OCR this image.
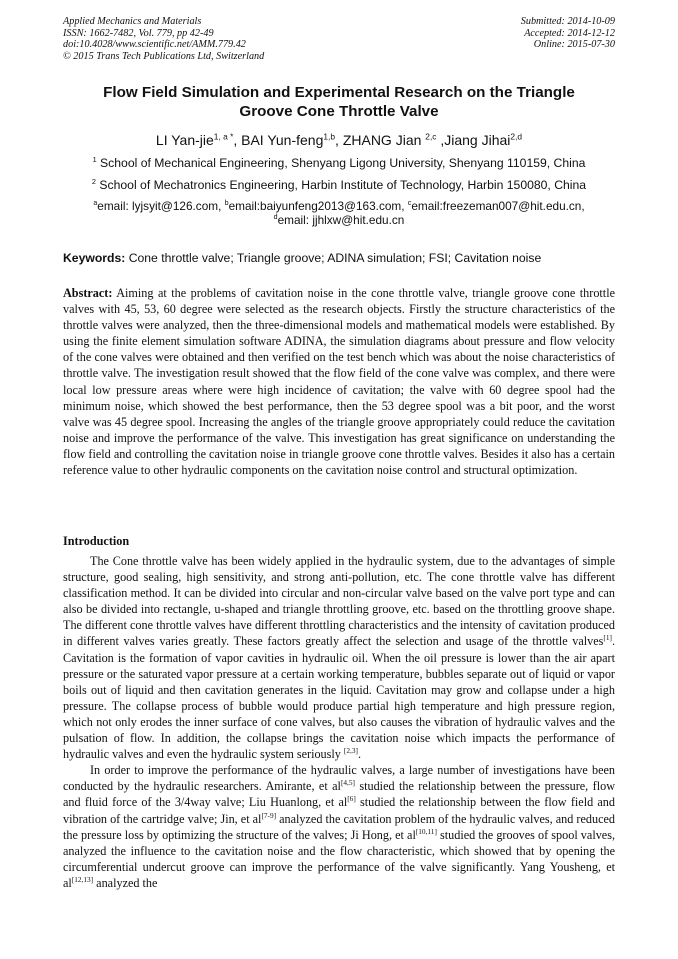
Applied Mechanics and Materials
ISSN: 1662-7482, Vol. 779, pp 42-49
doi:10.4028/www.scientific.net/AMM.779.42
© 2015 Trans Tech Publications Ltd, Switzerland
Submitted: 2014-10-09
Accepted: 2014-12-12
Online: 2015-07-30
Flow Field Simulation and Experimental Research on the Triangle
Groove Cone Throttle Valve
LI Yan-jie$^{1, a *}$, BAI Yun-feng$^{1,b}$, ZHANG Jian $^{2,c}$ ,Jiang Jihai$^{2,d}$
$^1$ School of Mechanical Engineering, Shenyang Ligong University, Shenyang 110159, China
$^2$ School of Mechatronics Engineering, Harbin Institute of Technology, Harbin 150080, China
$^a$email: lyjsyit@126.com, $^b$email:baiyunfeng2013@163.com, $^c$email:freezeman007@hit.edu.cn,
$^d$email: jjhlxw@hit.edu.cn
Keywords: Cone throttle valve; Triangle groove; ADINA simulation; FSI; Cavitation noise

Abstract: Aiming at the problems of cavitation noise in the cone throttle valve, triangle groove cone throttle valves with 45, 53, 60 degree were selected as the research objects. Firstly the structure characteristics of the throttle valves were analyzed, then the three-dimensional models and mathematical models were established. By using the finite element simulation software ADINA, the simulation diagrams about pressure and flow velocity of the cone valves were obtained and then verified on the test bench which was about the noise characteristics of throttle valve. The investigation result showed that the flow field of the cone valve was complex, and there were local low pressure areas where were high incidence of cavitation; the valve with 60 degree spool had the minimum noise, which showed the best performance, then the 53 degree spool was a bit poor, and the worst valve was 45 degree spool. Increasing the angles of the triangle groove appropriately could reduce the cavitation noise and improve the performance of the valve. This investigation has great significance on understanding the flow field and controlling the cavitation noise in triangle groove cone throttle valves. Besides it also has a certain reference value to other hydraulic components on the cavitation noise control and structural optimization.

Introduction

The Cone throttle valve has been widely applied in the hydraulic system, due to the advantages of simple structure, good sealing, high sensitivity, and strong anti-pollution, etc. The cone throttle valve has different classification method. It can be divided into circular and non-circular valve based on the valve port type and can also be divided into rectangle, u-shaped and triangle throttling groove, etc. based on the throttling groove shape. The different cone throttle valves have different throttling characteristics and the intensity of cavitation produced in different valves varies greatly. These factors greatly affect the selection and usage of the throttle valves[1]. Cavitation is the formation of vapor cavities in hydraulic oil. When the oil pressure is lower than the air apart pressure or the saturated vapor pressure at a certain working temperature, bubbles separate out of liquid or vapor boils out of liquid and then cavitation generates in the liquid. Cavitation may grow and collapse under a high pressure. The collapse process of bubble would produce partial high temperature and high pressure region, which not only erodes the inner surface of cone valves, but also causes the vibration of hydraulic valves and the pulsation of flow. In addition, the collapse brings the cavitation noise which impacts the performance of hydraulic valves and even the hydraulic system seriously [2,3].

In order to improve the performance of the hydraulic valves, a large number of investigations have been conducted by the hydraulic researchers. Amirante, et al[4,5] studied the relationship between the pressure, flow and fluid force of the 3/4way valve; Liu Huanlong, et al[6] studied the relationship between the flow field and vibration of the cartridge valve; Jin, et al[7-9] analyzed the cavitation problem of the hydraulic valves, and reduced the pressure loss by optimizing the structure of the valves; Ji Hong, et al[10,11] studied the grooves of spool valves, analyzed the influence to the cavitation noise and the flow characteristic, which showed that by opening the circumferential undercut groove can improve the performance of the valve significantly. Yang Yousheng, et al[12,13] analyzed the
